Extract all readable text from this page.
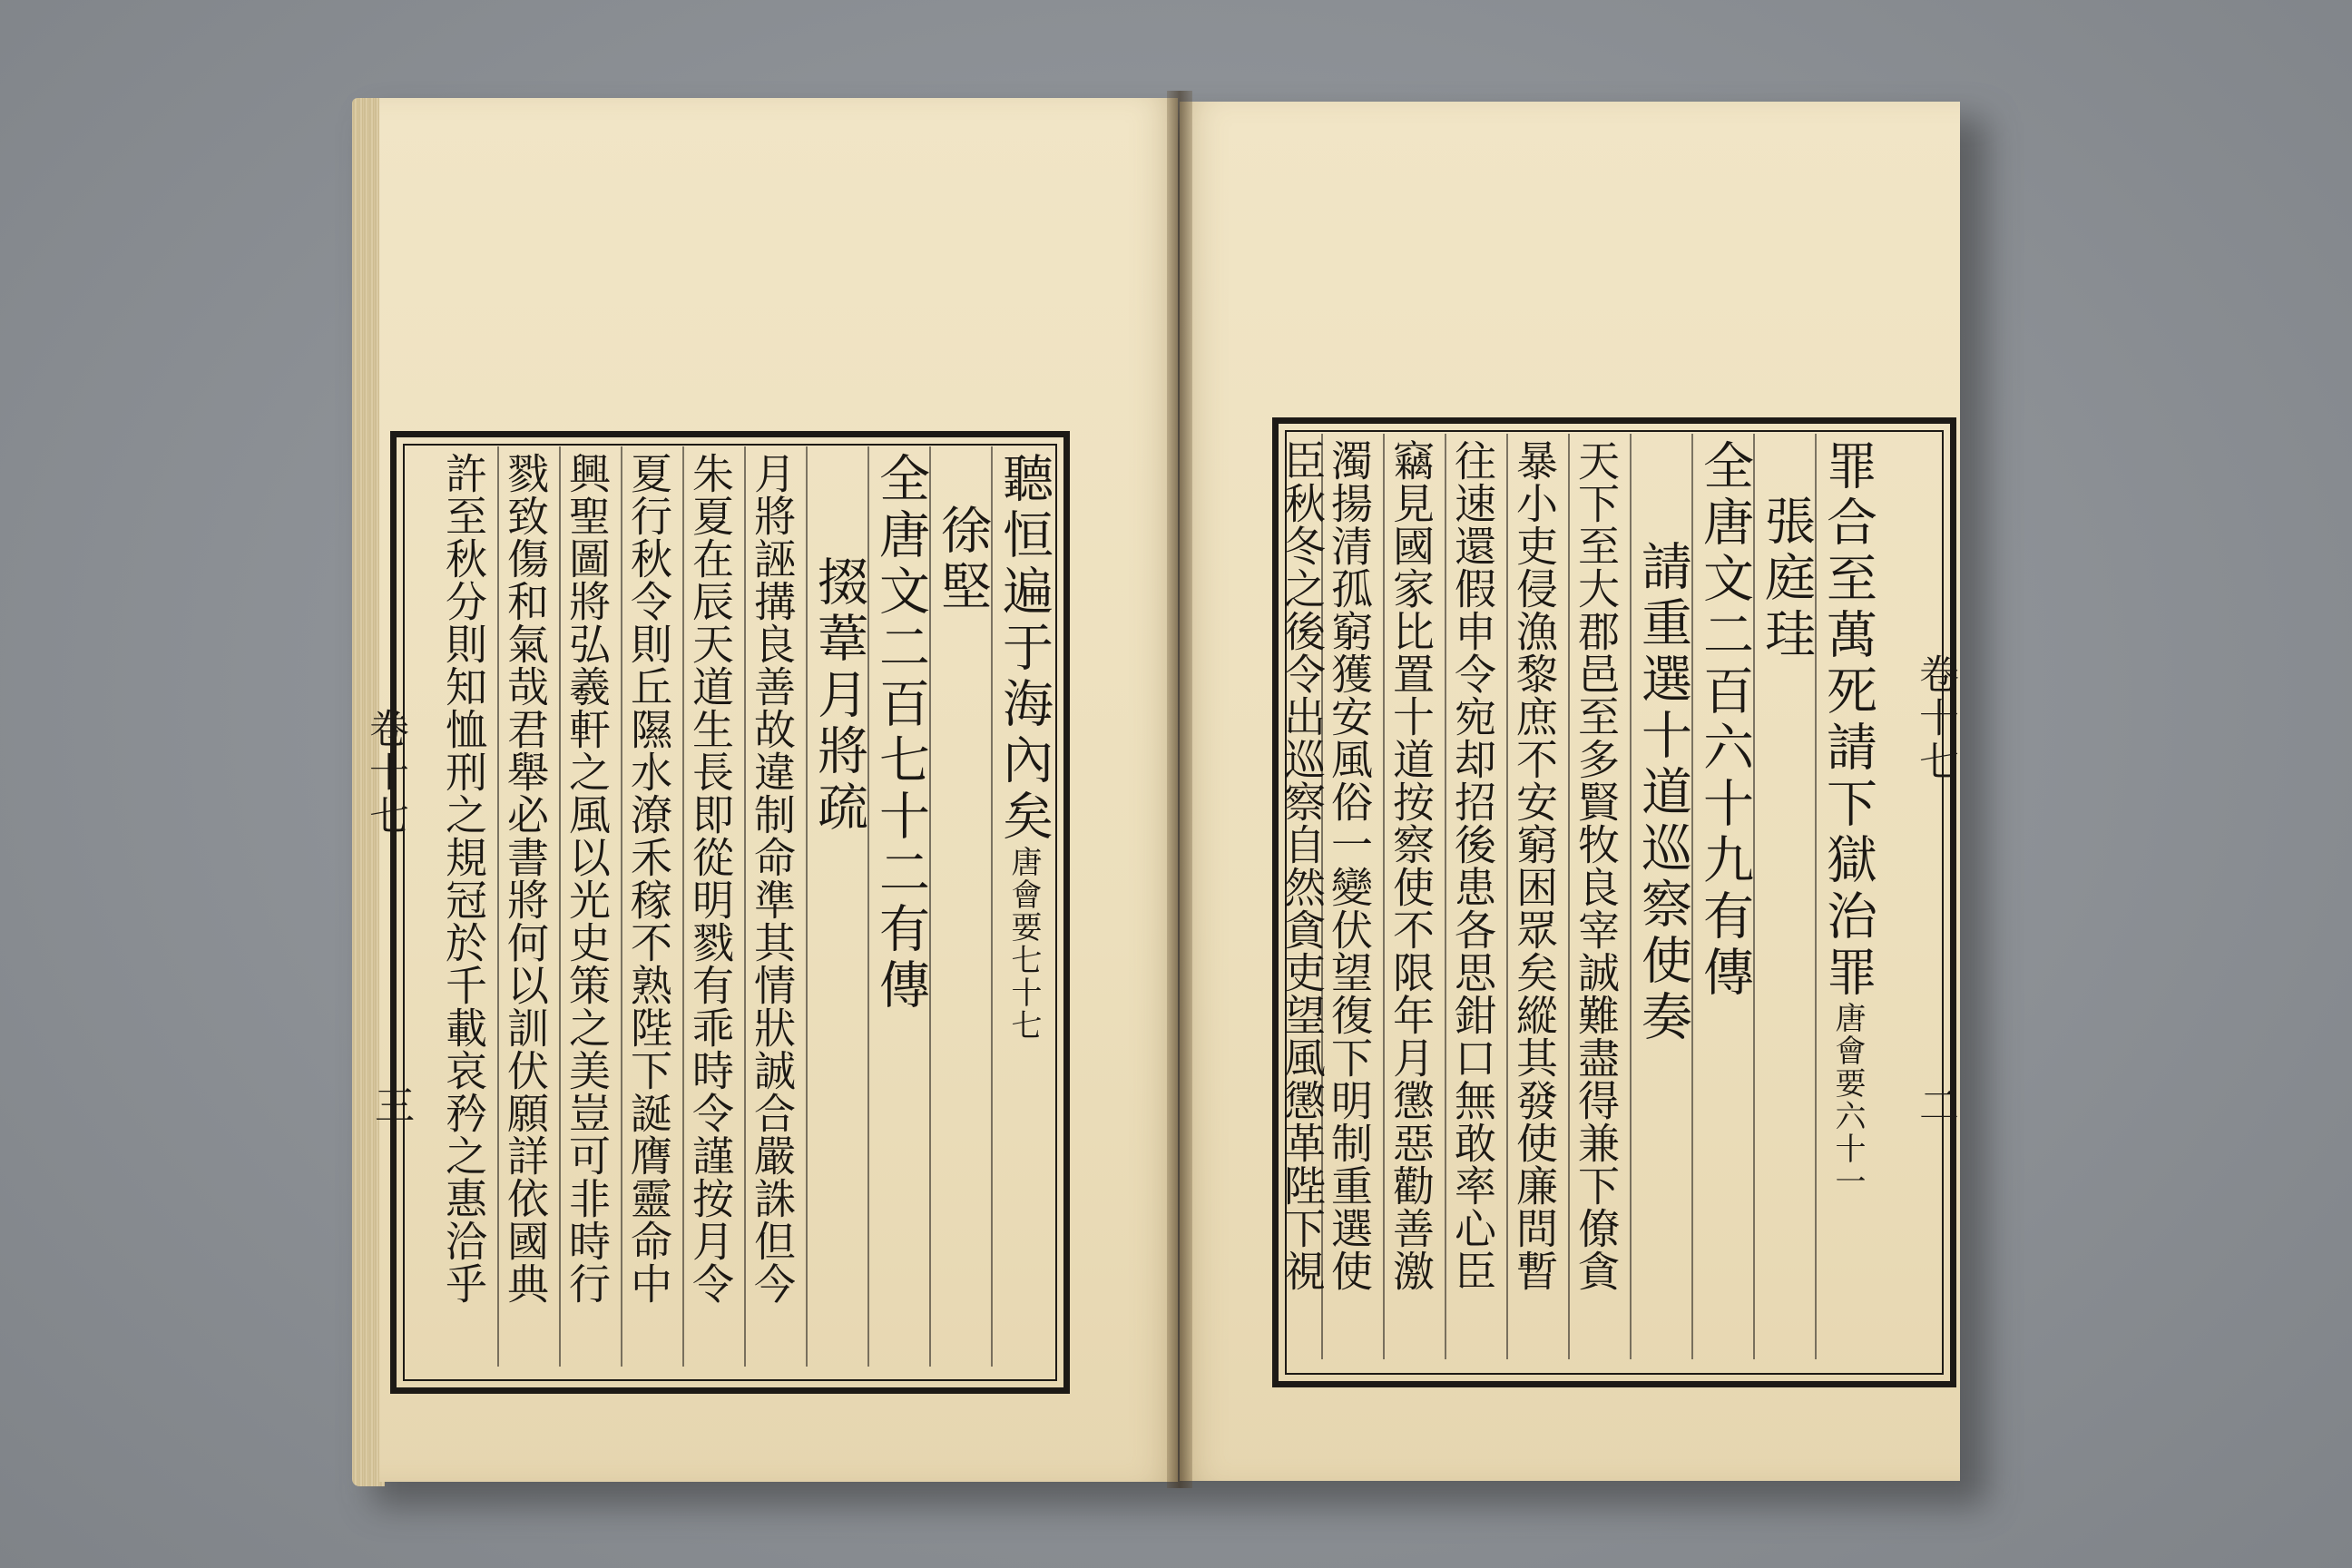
卷十七
三
聽恒遍于海內矣唐會要七十七
徐堅
全唐文二百七十二有傳
掇葦月將疏
月將誣搆良善故違制命準其情狀誠合嚴誅但今
朱夏在辰天道生長即從明戮有乖時令謹按月令
夏行秋令則丘隰水潦禾稼不熟陛下誕膺靈命中
興聖圖將弘羲軒之風以光史策之美豈可非時行
戮致傷和氣哉君舉必書將何以訓伏願詳依國典
許至秋分則知恤刑之規冠於千載哀矜之惠洽乎	卷十七
二
罪合至萬死請下獄治罪唐會要六十一
張庭珪
全唐文二百六十九有傳
請重選十道巡察使奏
天下至大郡邑至多賢牧良宰誠難盡得兼下僚貪
暴小吏侵漁黎庶不安窮困眾矣縱其發使廉問暫
往速還假申令宛却招後患各思鉗口無敢率心臣
竊見國家比置十道按察使不限年月懲惡勸善激
濁揚清孤窮獲安風俗一變伏望復下明制重選使
臣秋冬之後令出巡察自然貪吏望風懲革陛下視
